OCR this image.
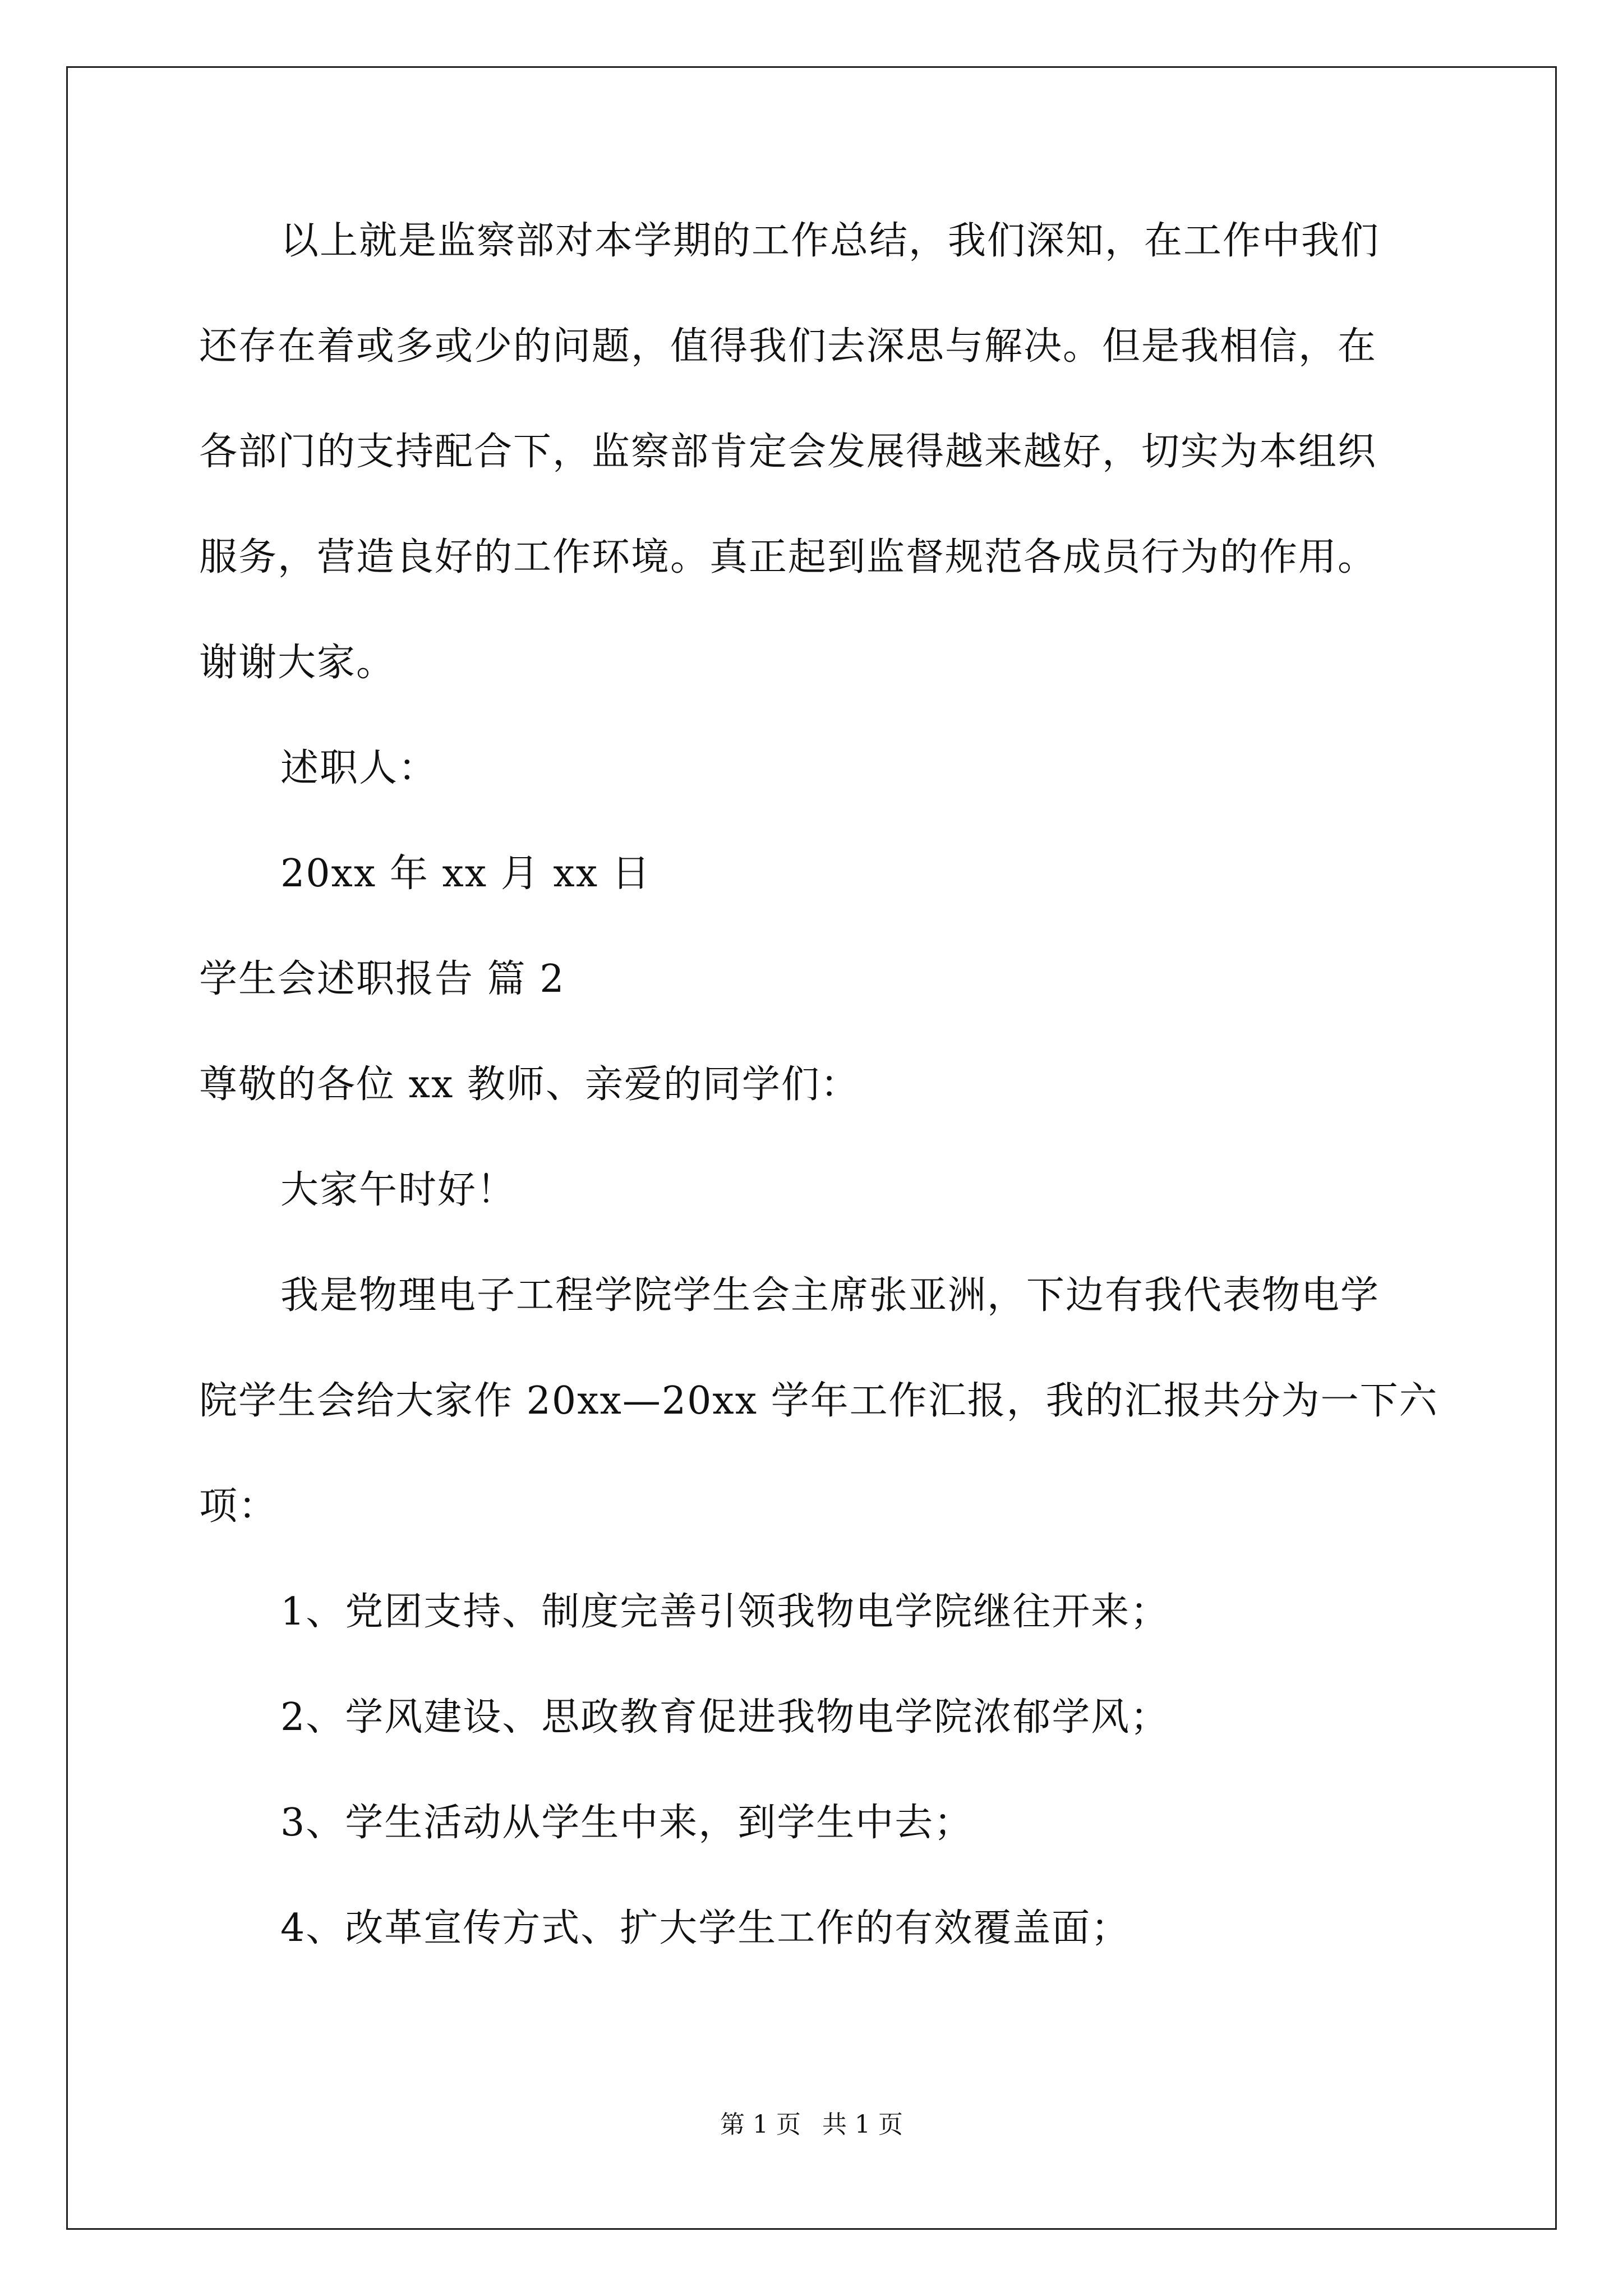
以上就是监察部对本学期的工作总结，我们深知，在工作中我们
还存在着或多或少的问题，值得我们去深思与解决。但是我相信，在
各部门的支持配合下，监察部肯定会发展得越来越好，切实为本组织
服务，营造良好的工作环境。真正起到监督规范各成员行为的作用。
谢谢大家。
述职人：
20xx 年 xx 月 xx 日
学生会述职报告 篇 2
尊敬的各位 xx 教师、亲爱的同学们：
大家午时好！
我是物理电子工程学院学生会主席张亚洲，下边有我代表物电学
院学生会给大家作 20xx—20xx 学年工作汇报，我的汇报共分为一下六
项：
1、党团支持、制度完善引领我物电学院继往开来；
2、学风建设、思政教育促进我物电学院浓郁学风；
3、学生活动从学生中来，到学生中去；
4、改革宣传方式、扩大学生工作的有效覆盖面；
第 1 页 共 1 页
